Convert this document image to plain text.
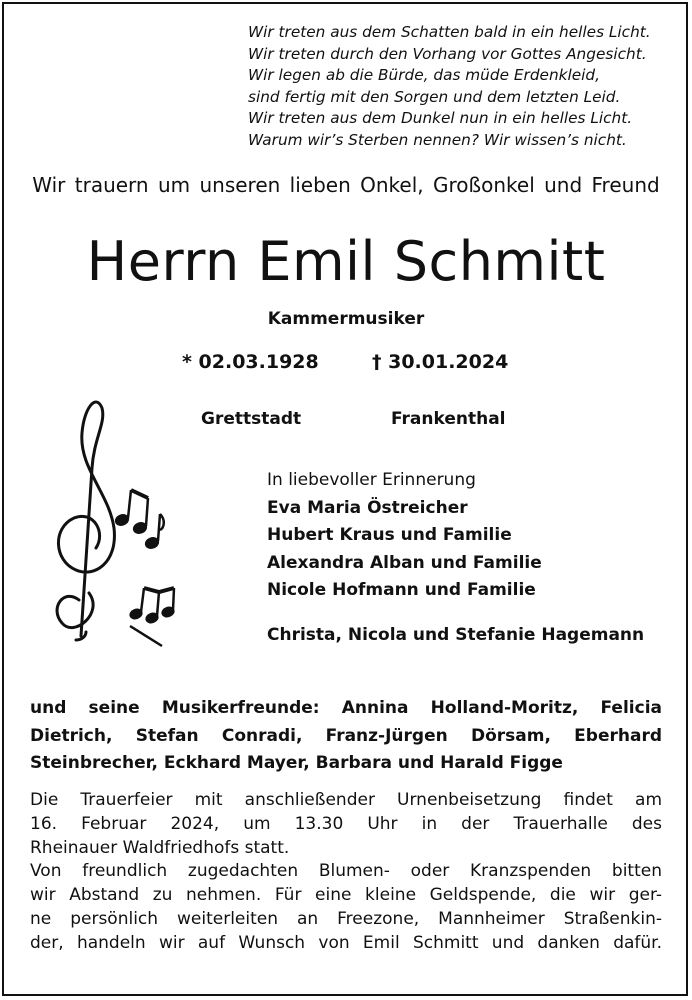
Wir treten aus dem Schatten bald in ein helles Licht.
Wir treten durch den Vorhang vor Gottes Angesicht.
Wir legen ab die Bürde, das müde Erdenkleid,
sind fertig mit den Sorgen und dem letzten Leid.
Wir treten aus dem Dunkel nun in ein helles Licht.
Warum wir’s Sterben nennen? Wir wissen’s nicht.
Wir trauern um unseren lieben Onkel, Großonkel und Freund
Herrn Emil Schmitt
Kammermusiker
* 02.03.1928	† 30.01.2024
Grettstadt	Frankenthal
In liebevoller Erinnerung
Eva Maria Östreicher
Hubert Kraus und Familie
Alexandra Alban und Familie
Nicole Hofmann und Familie
Christa, Nicola und Stefanie Hagemann
und seine Musikerfreunde: Annina Holland-Moritz, Felicia Dietrich, Stefan Conradi, Franz-Jürgen Dörsam, Eberhard Steinbrecher, Eckhard Mayer, Barbara und Harald Figge
Die Trauerfeier mit anschließender Urnenbeisetzung findet am
16. Februar 2024, um 13.30 Uhr in der Trauerhalle des
Rheinauer Waldfriedhofs statt.
Von freundlich zugedachten Blumen- oder Kranzspenden bitten
wir Abstand zu nehmen. Für eine kleine Geldspende, die wir ger-
ne persönlich weiterleiten an Freezone, Mannheimer Straßenkin-
der, handeln wir auf Wunsch von Emil Schmitt und danken dafür.
